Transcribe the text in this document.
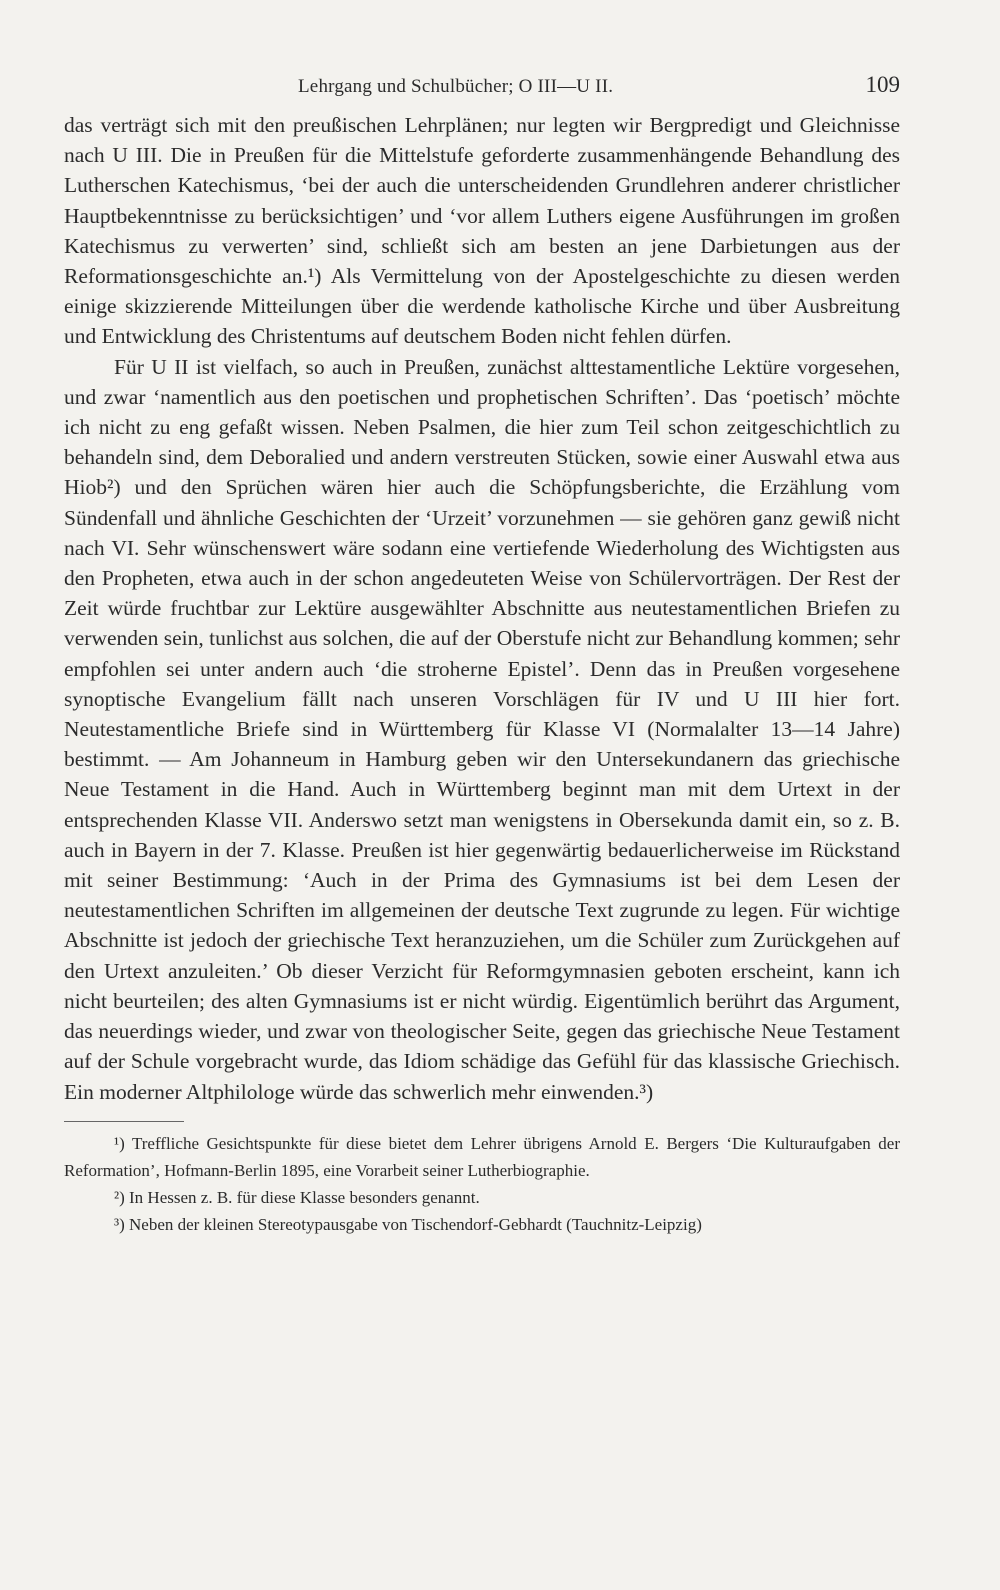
Lehrgang und Schulbücher; O III—U II.	109

das verträgt sich mit den preußischen Lehrplänen; nur legten wir Bergpredigt und Gleichnisse nach U III. Die in Preußen für die Mittelstufe geforderte zusammenhängende Behandlung des Lutherschen Katechismus, ‘bei der auch die unterscheidenden Grundlehren anderer christlicher Hauptbekenntnisse zu berücksichtigen’ und ‘vor allem Luthers eigene Ausführungen im großen Katechismus zu verwerten’ sind, schließt sich am besten an jene Darbietungen aus der Reformationsgeschichte an.¹) Als Vermittelung von der Apostelgeschichte zu diesen werden einige skizzierende Mitteilungen über die werdende katholische Kirche und über Ausbreitung und Entwicklung des Christentums auf deutschem Boden nicht fehlen dürfen.

Für U II ist vielfach, so auch in Preußen, zunächst alttestamentliche Lektüre vorgesehen, und zwar ‘namentlich aus den poetischen und prophetischen Schriften’. Das ‘poetisch’ möchte ich nicht zu eng gefaßt wissen. Neben Psalmen, die hier zum Teil schon zeitgeschichtlich zu behandeln sind, dem Deboralied und andern verstreuten Stücken, sowie einer Auswahl etwa aus Hiob²) und den Sprüchen wären hier auch die Schöpfungsberichte, die Erzählung vom Sündenfall und ähnliche Geschichten der ‘Urzeit’ vorzunehmen — sie gehören ganz gewiß nicht nach VI. Sehr wünschenswert wäre sodann eine vertiefende Wiederholung des Wichtigsten aus den Propheten, etwa auch in der schon angedeuteten Weise von Schülervorträgen. Der Rest der Zeit würde fruchtbar zur Lektüre ausgewählter Abschnitte aus neutestamentlichen Briefen zu verwenden sein, tunlichst aus solchen, die auf der Oberstufe nicht zur Behandlung kommen; sehr empfohlen sei unter andern auch ‘die stroherne Epistel’. Denn das in Preußen vorgesehene synoptische Evangelium fällt nach unseren Vorschlägen für IV und U III hier fort. Neutestamentliche Briefe sind in Württemberg für Klasse VI (Normalalter 13—14 Jahre) bestimmt. — Am Johanneum in Hamburg geben wir den Untersekundanern das griechische Neue Testament in die Hand. Auch in Württemberg beginnt man mit dem Urtext in der entsprechenden Klasse VII. Anderswo setzt man wenigstens in Obersekunda damit ein, so z. B. auch in Bayern in der 7. Klasse. Preußen ist hier gegenwärtig bedauerlicherweise im Rückstand mit seiner Bestimmung: ‘Auch in der Prima des Gymnasiums ist bei dem Lesen der neutestamentlichen Schriften im allgemeinen der deutsche Text zugrunde zu legen. Für wichtige Abschnitte ist jedoch der griechische Text heranzuziehen, um die Schüler zum Zurückgehen auf den Urtext anzuleiten.’ Ob dieser Verzicht für Reformgymnasien geboten erscheint, kann ich nicht beurteilen; des alten Gymnasiums ist er nicht würdig. Eigentümlich berührt das Argument, das neuerdings wieder, und zwar von theologischer Seite, gegen das griechische Neue Testament auf der Schule vorgebracht wurde, das Idiom schädige das Gefühl für das klassische Griechisch. Ein moderner Altphilologe würde das schwerlich mehr einwenden.³)

¹) Treffliche Gesichtspunkte für diese bietet dem Lehrer übrigens Arnold E. Bergers ‘Die Kulturaufgaben der Reformation’, Hofmann-Berlin 1895, eine Vorarbeit seiner Lutherbiographie.

²) In Hessen z. B. für diese Klasse besonders genannt.

³) Neben der kleinen Stereotypausgabe von Tischendorf-Gebhardt (Tauchnitz-Leipzig)
